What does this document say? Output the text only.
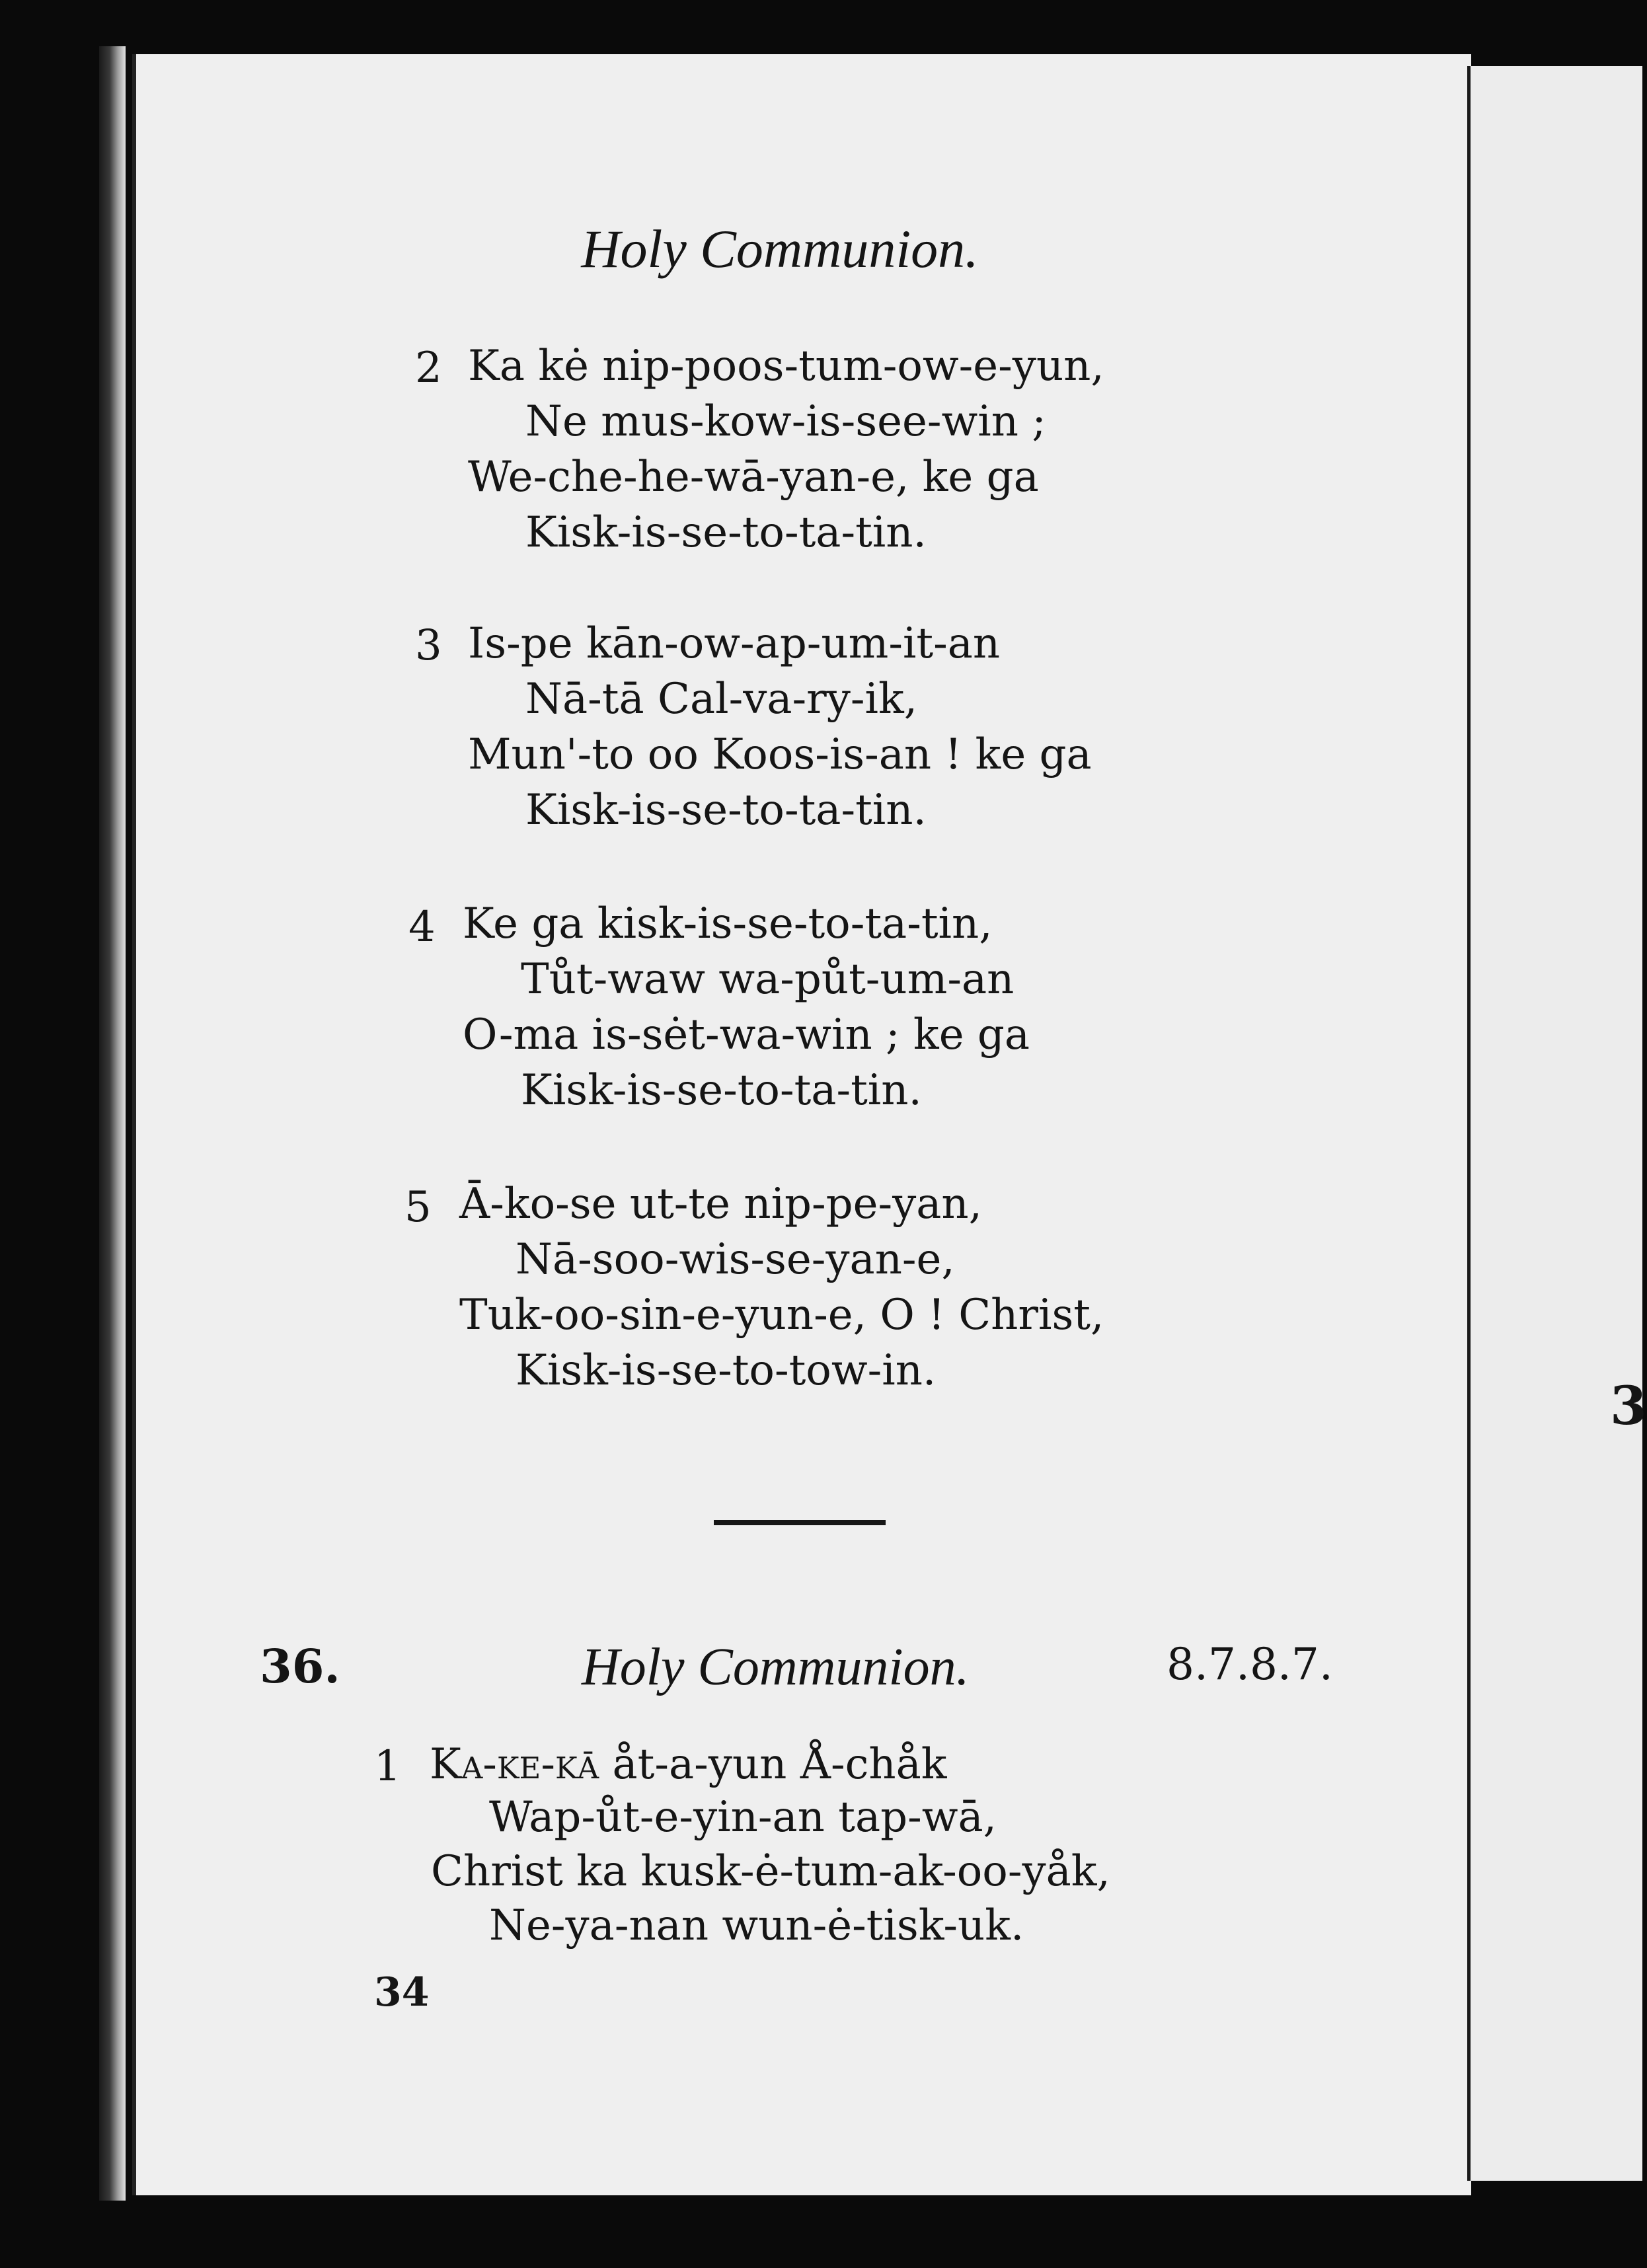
3
Holy Communion.
2 Ka kė nip-poos-tum-ow-e-yun,
Ne mus-kow-is-see-win ;
We-che-he-wā-yan-e, ke ga
Kisk-is-se-to-ta-tin.
3 Is-pe kān-ow-ap-um-it-an
Nā-tā Cal-va-ry-ik,
Mun'-to oo Koos-is-an ! ke ga
Kisk-is-se-to-ta-tin.
4 Ke ga kisk-is-se-to-ta-tin,
Tůt-waw wa-půt-um-an
O-ma is-sėt-wa-win ; ke ga
Kisk-is-se-to-ta-tin.
5 Ā-ko-se ut-te nip-pe-yan,
Nā-soo-wis-se-yan-e,
Tuk-oo-sin-e-yun-e, O ! Christ,
Kisk-is-se-to-tow-in.
36.	Holy Communion.	8.7.8.7.
1 Ka-ke-kā åt-a-yun Å-chåk
Wap-ůt-e-yin-an tap-wā,
Christ ka kusk-ė-tum-ak-oo-yåk,
Ne-ya-nan wun-ė-tisk-uk.
34
